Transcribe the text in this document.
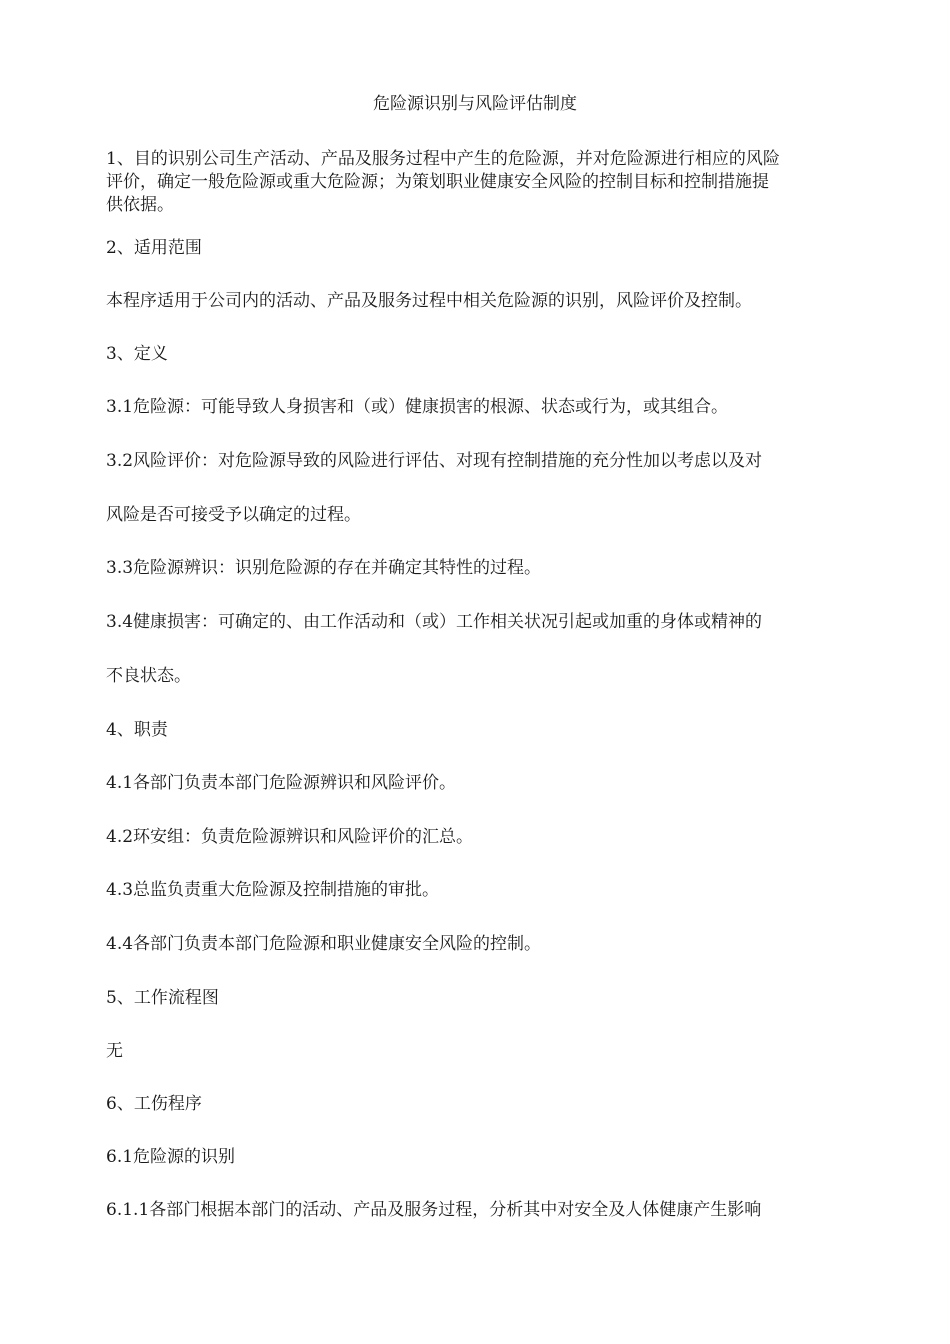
危险源识别与风险评估制度
1、目的识别公司生产活动、产品及服务过程中产生的危险源，并对危险源进行相应的风险
评价，确定一般危险源或重大危险源；为策划职业健康安全风险的控制目标和控制措施提
供依据。
2、适用范围
本程序适用于公司内的活动、产品及服务过程中相关危险源的识别，风险评价及控制。
3、定义
3.1危险源：可能导致人身损害和（或）健康损害的根源、状态或行为，或其组合。
3.2风险评价：对危险源导致的风险进行评估、对现有控制措施的充分性加以考虑以及对
风险是否可接受予以确定的过程。
3.3危险源辨识：识别危险源的存在并确定其特性的过程。
3.4健康损害：可确定的、由工作活动和（或）工作相关状况引起或加重的身体或精神的
不良状态。
4、职责
4.1各部门负责本部门危险源辨识和风险评价。
4.2环安组：负责危险源辨识和风险评价的汇总。
4.3总监负责重大危险源及控制措施的审批。
4.4各部门负责本部门危险源和职业健康安全风险的控制。
5、工作流程图
无
6、工伤程序
6.1危险源的识别
6.1.1各部门根据本部门的活动、产品及服务过程，分析其中对安全及人体健康产生影响
